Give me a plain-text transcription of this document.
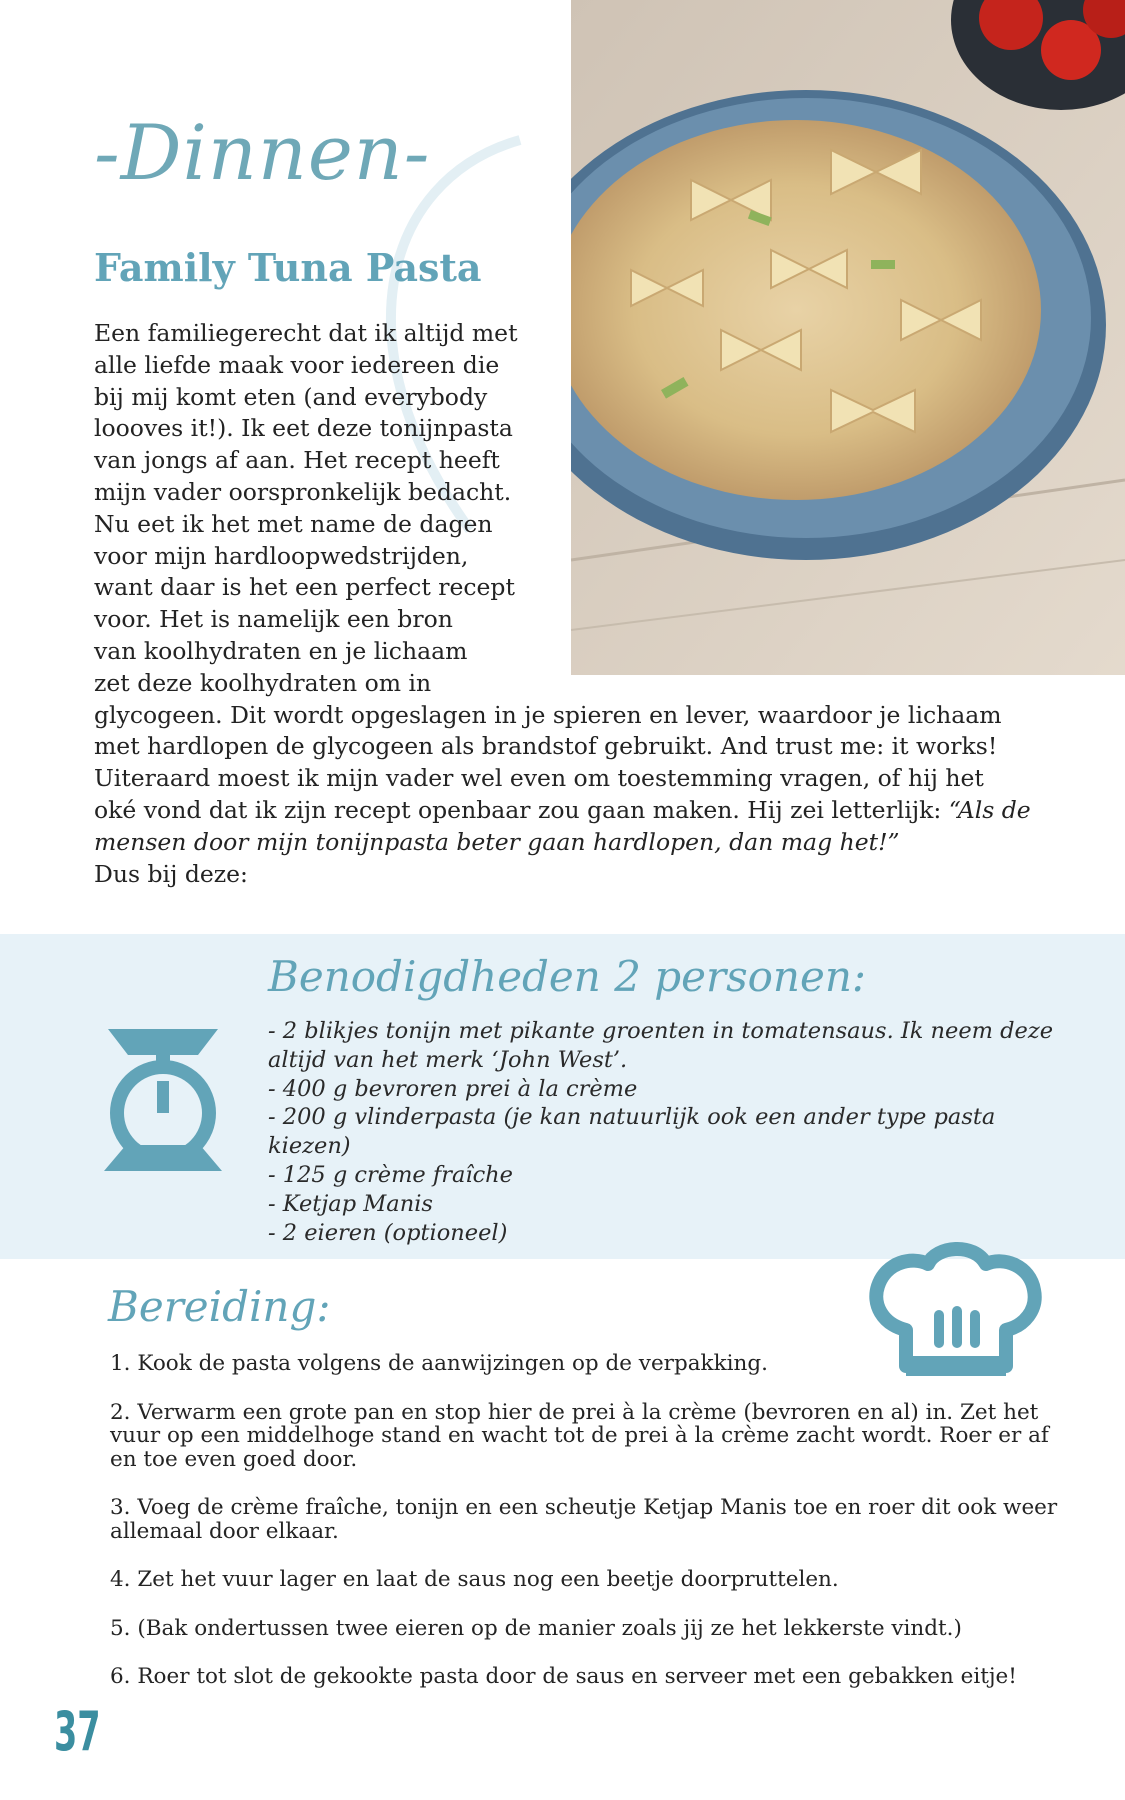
-Dinnen-
Family Tuna Pasta
Een familiegerecht dat ik altijd met
alle liefde maak voor iedereen die
bij mij komt eten (and everybody
loooves it!). Ik eet deze tonijnpasta
van jongs af aan. Het recept heeft
mijn vader oorspronkelijk bedacht.
Nu eet ik het met name de dagen
voor mijn hardloopwedstrijden,
want daar is het een perfect recept
voor. Het is namelijk een bron
van koolhydraten en je lichaam
zet deze koolhydraten om in
glycogeen. Dit wordt opgeslagen in je spieren en lever, waardoor je lichaam
met hardlopen de glycogeen als brandstof gebruikt. And trust me: it works!
Uiteraard moest ik mijn vader wel even om toestemming vragen, of hij het
oké vond dat ik zijn recept openbaar zou gaan maken. Hij zei letterlijk: “Als de
mensen door mijn tonijnpasta beter gaan hardlopen, dan mag het!”
Dus bij deze:
Benodigdheden 2 personen:
- 2 blikjes tonijn met pikante groenten in tomatensaus. Ik neem deze
altijd van het merk ‘John West’.
- 400 g bevroren prei à la crème
- 200 g vlinderpasta (je kan natuurlijk ook een ander type pasta kiezen)
- 125 g crème fraîche
- Ketjap Manis
- 2 eieren (optioneel)
Bereiding:
1. Kook de pasta volgens de aanwijzingen op de verpakking.
2. Verwarm een grote pan en stop hier de prei à la crème (bevroren en al) in. Zet het vuur op een middelhoge stand en wacht tot de prei à la crème zacht wordt. Roer er af en toe even goed door.
3. Voeg de crème fraîche, tonijn en een scheutje Ketjap Manis toe en roer dit ook weer allemaal door elkaar.
4. Zet het vuur lager en laat de saus nog een beetje doorpruttelen.
5. (Bak ondertussen twee eieren op de manier zoals jij ze het lekkerste vindt.)
6. Roer tot slot de gekookte pasta door de saus en serveer met een gebakken eitje!
37
